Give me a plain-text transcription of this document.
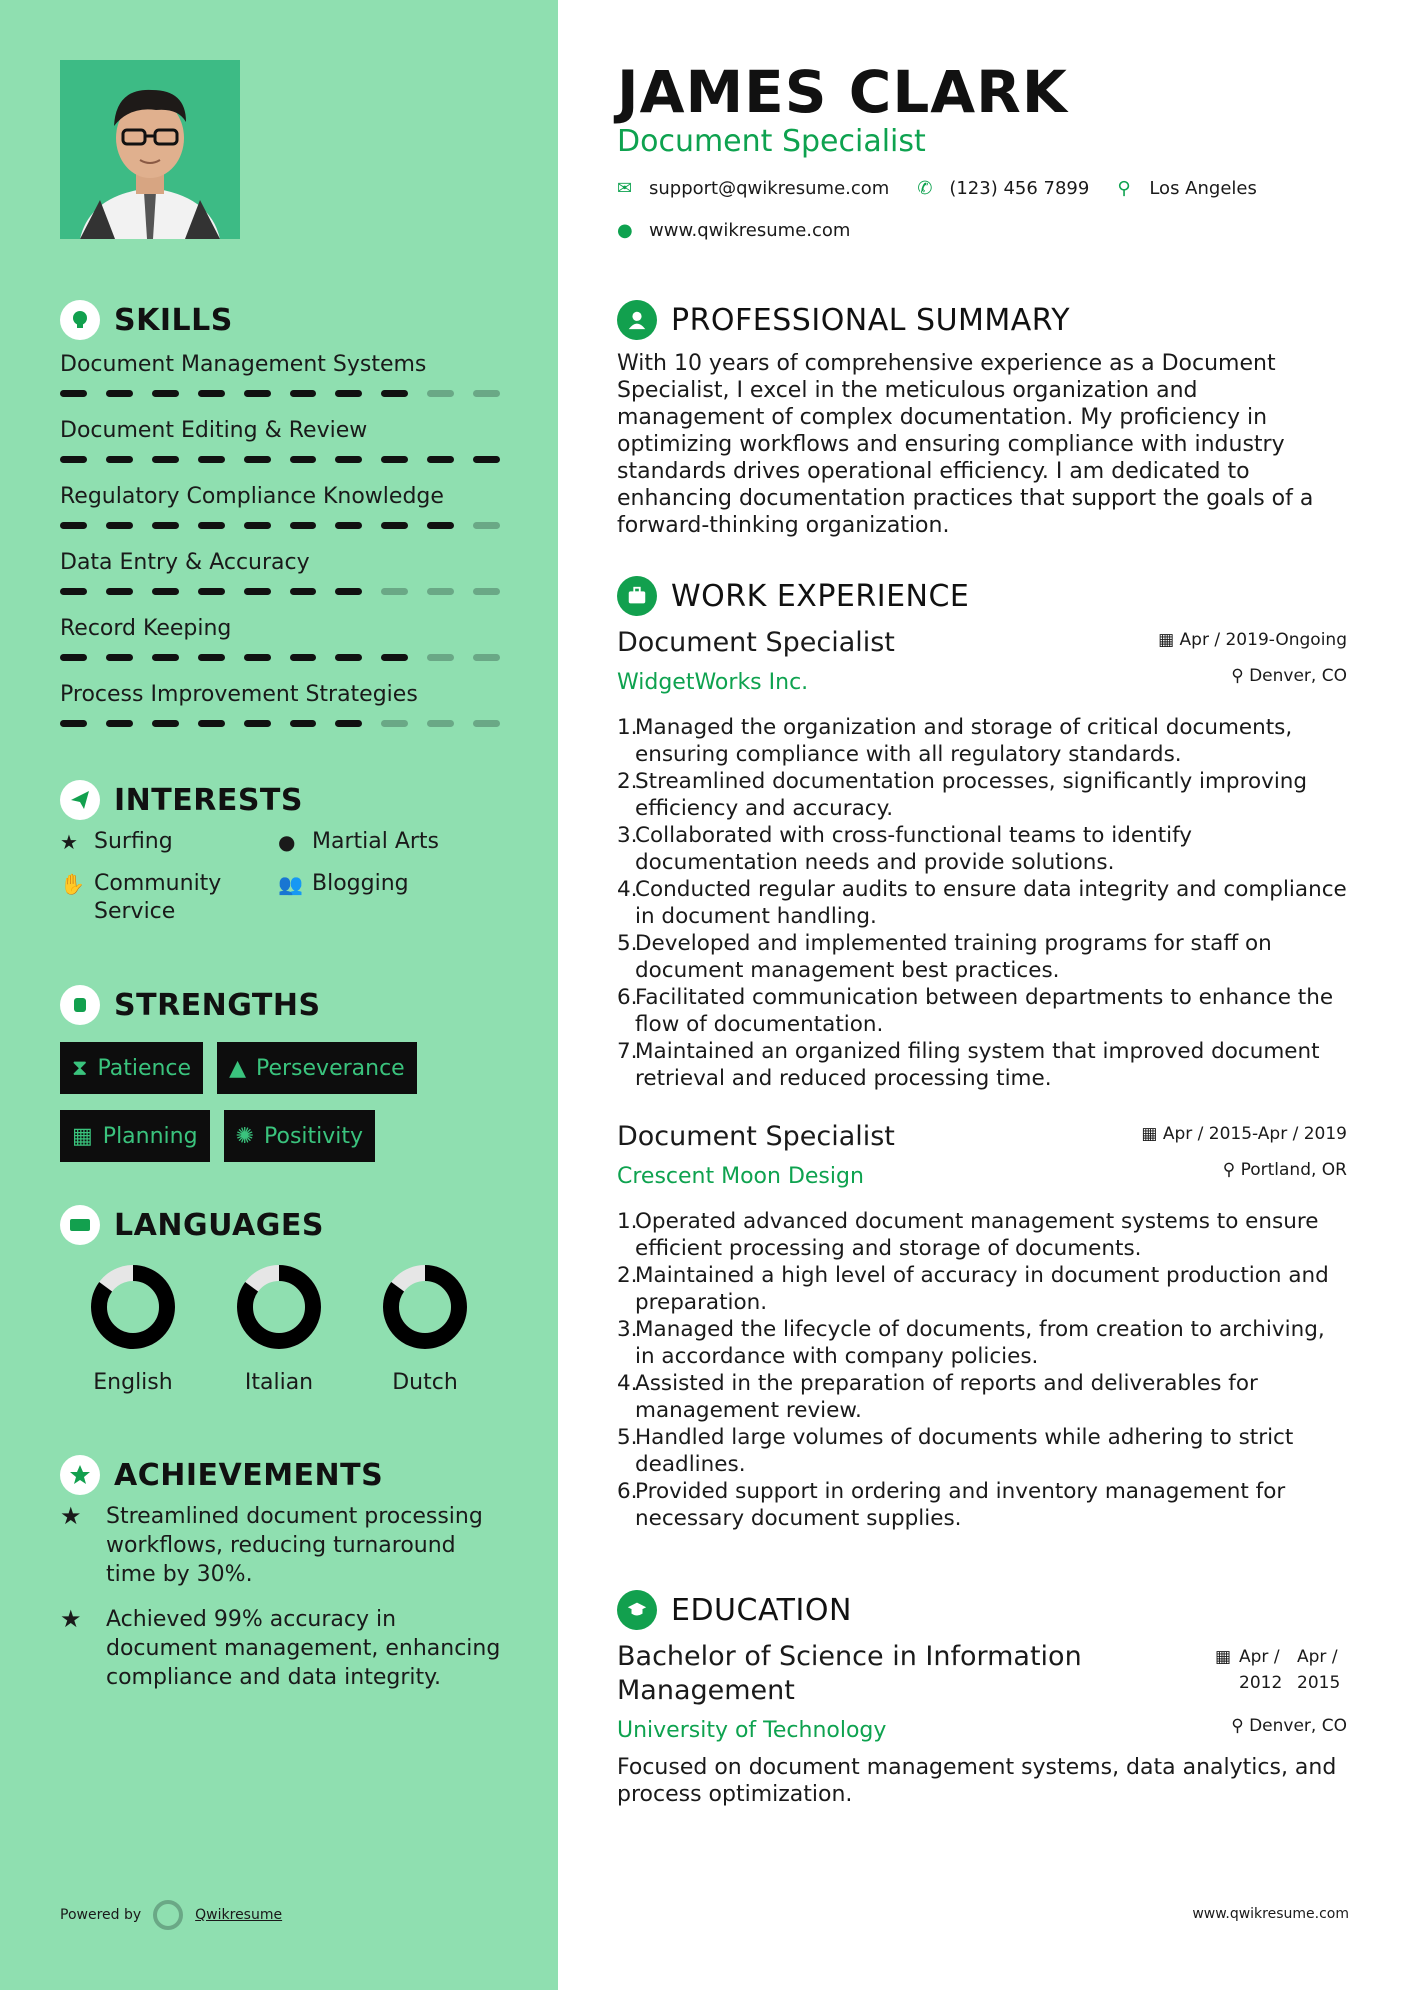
SKILLS
Document Management Systems
Document Editing & Review
Regulatory Compliance Knowledge
Data Entry & Accuracy
Record Keeping
Process Improvement Strategies
INTERESTS
★ Surfing	● Martial Arts
✋ Community Service
👥 Blogging
STRENGTHS
⧗ Patience ▲ Perseverance
▦ Planning ✺ Positivity
LANGUAGES
English	Italian	Dutch
ACHIEVEMENTS
★	Streamlined document processing workflows, reducing turnaround time by 30%.
★	Achieved 99% accuracy in document management, enhancing compliance and data integrity.
Powered by	Qwikresume
JAMES CLARK
Document Specialist
✉ support@qwikresume.com ✆ (123) 456 7899 ⚲	Los Angeles
● www.qwikresume.com
PROFESSIONAL SUMMARY
With 10 years of comprehensive experience as a Document Specialist, I excel in the meticulous organization and management of complex documentation. My proficiency in optimizing workflows and ensuring compliance with industry standards drives operational efficiency. I am dedicated to enhancing documentation practices that support the goals of a forward-thinking organization.
WORK EXPERIENCE
Document Specialist	▦ Apr / 2019-Ongoing
WidgetWorks Inc.	⚲ Denver, CO
1.
Managed the organization and storage of critical documents, ensuring compliance with all regulatory standards.
2.
Streamlined documentation processes, significantly improving efficiency and accuracy.
3.
Collaborated with cross-functional teams to identify documentation needs and provide solutions.
4.
Conducted regular audits to ensure data integrity and compliance in document handling.
5.
Developed and implemented training programs for staff on document management best practices.
6.
Facilitated communication between departments to enhance the flow of documentation.
7.
Maintained an organized filing system that improved document retrieval and reduced processing time.
Document Specialist	▦ Apr / 2015-Apr / 2019
Crescent Moon Design	⚲ Portland, OR
1.
Operated advanced document management systems to ensure efficient processing and storage of documents.
2.
Maintained a high level of accuracy in document production and preparation.
3.
Managed the lifecycle of documents, from creation to archiving, in accordance with company policies.
4.
Assisted in the preparation of reports and deliverables for management review.
5.
Handled large volumes of documents while adhering to strict deadlines.
6.
Provided support in ordering and inventory management for necessary document supplies.
EDUCATION
Bachelor of Science in Information Management
▦ Apr / 2012
Apr / 2015
University of Technology	⚲ Denver, CO
Focused on document management systems, data analytics, and process optimization.
www.qwikresume.com
